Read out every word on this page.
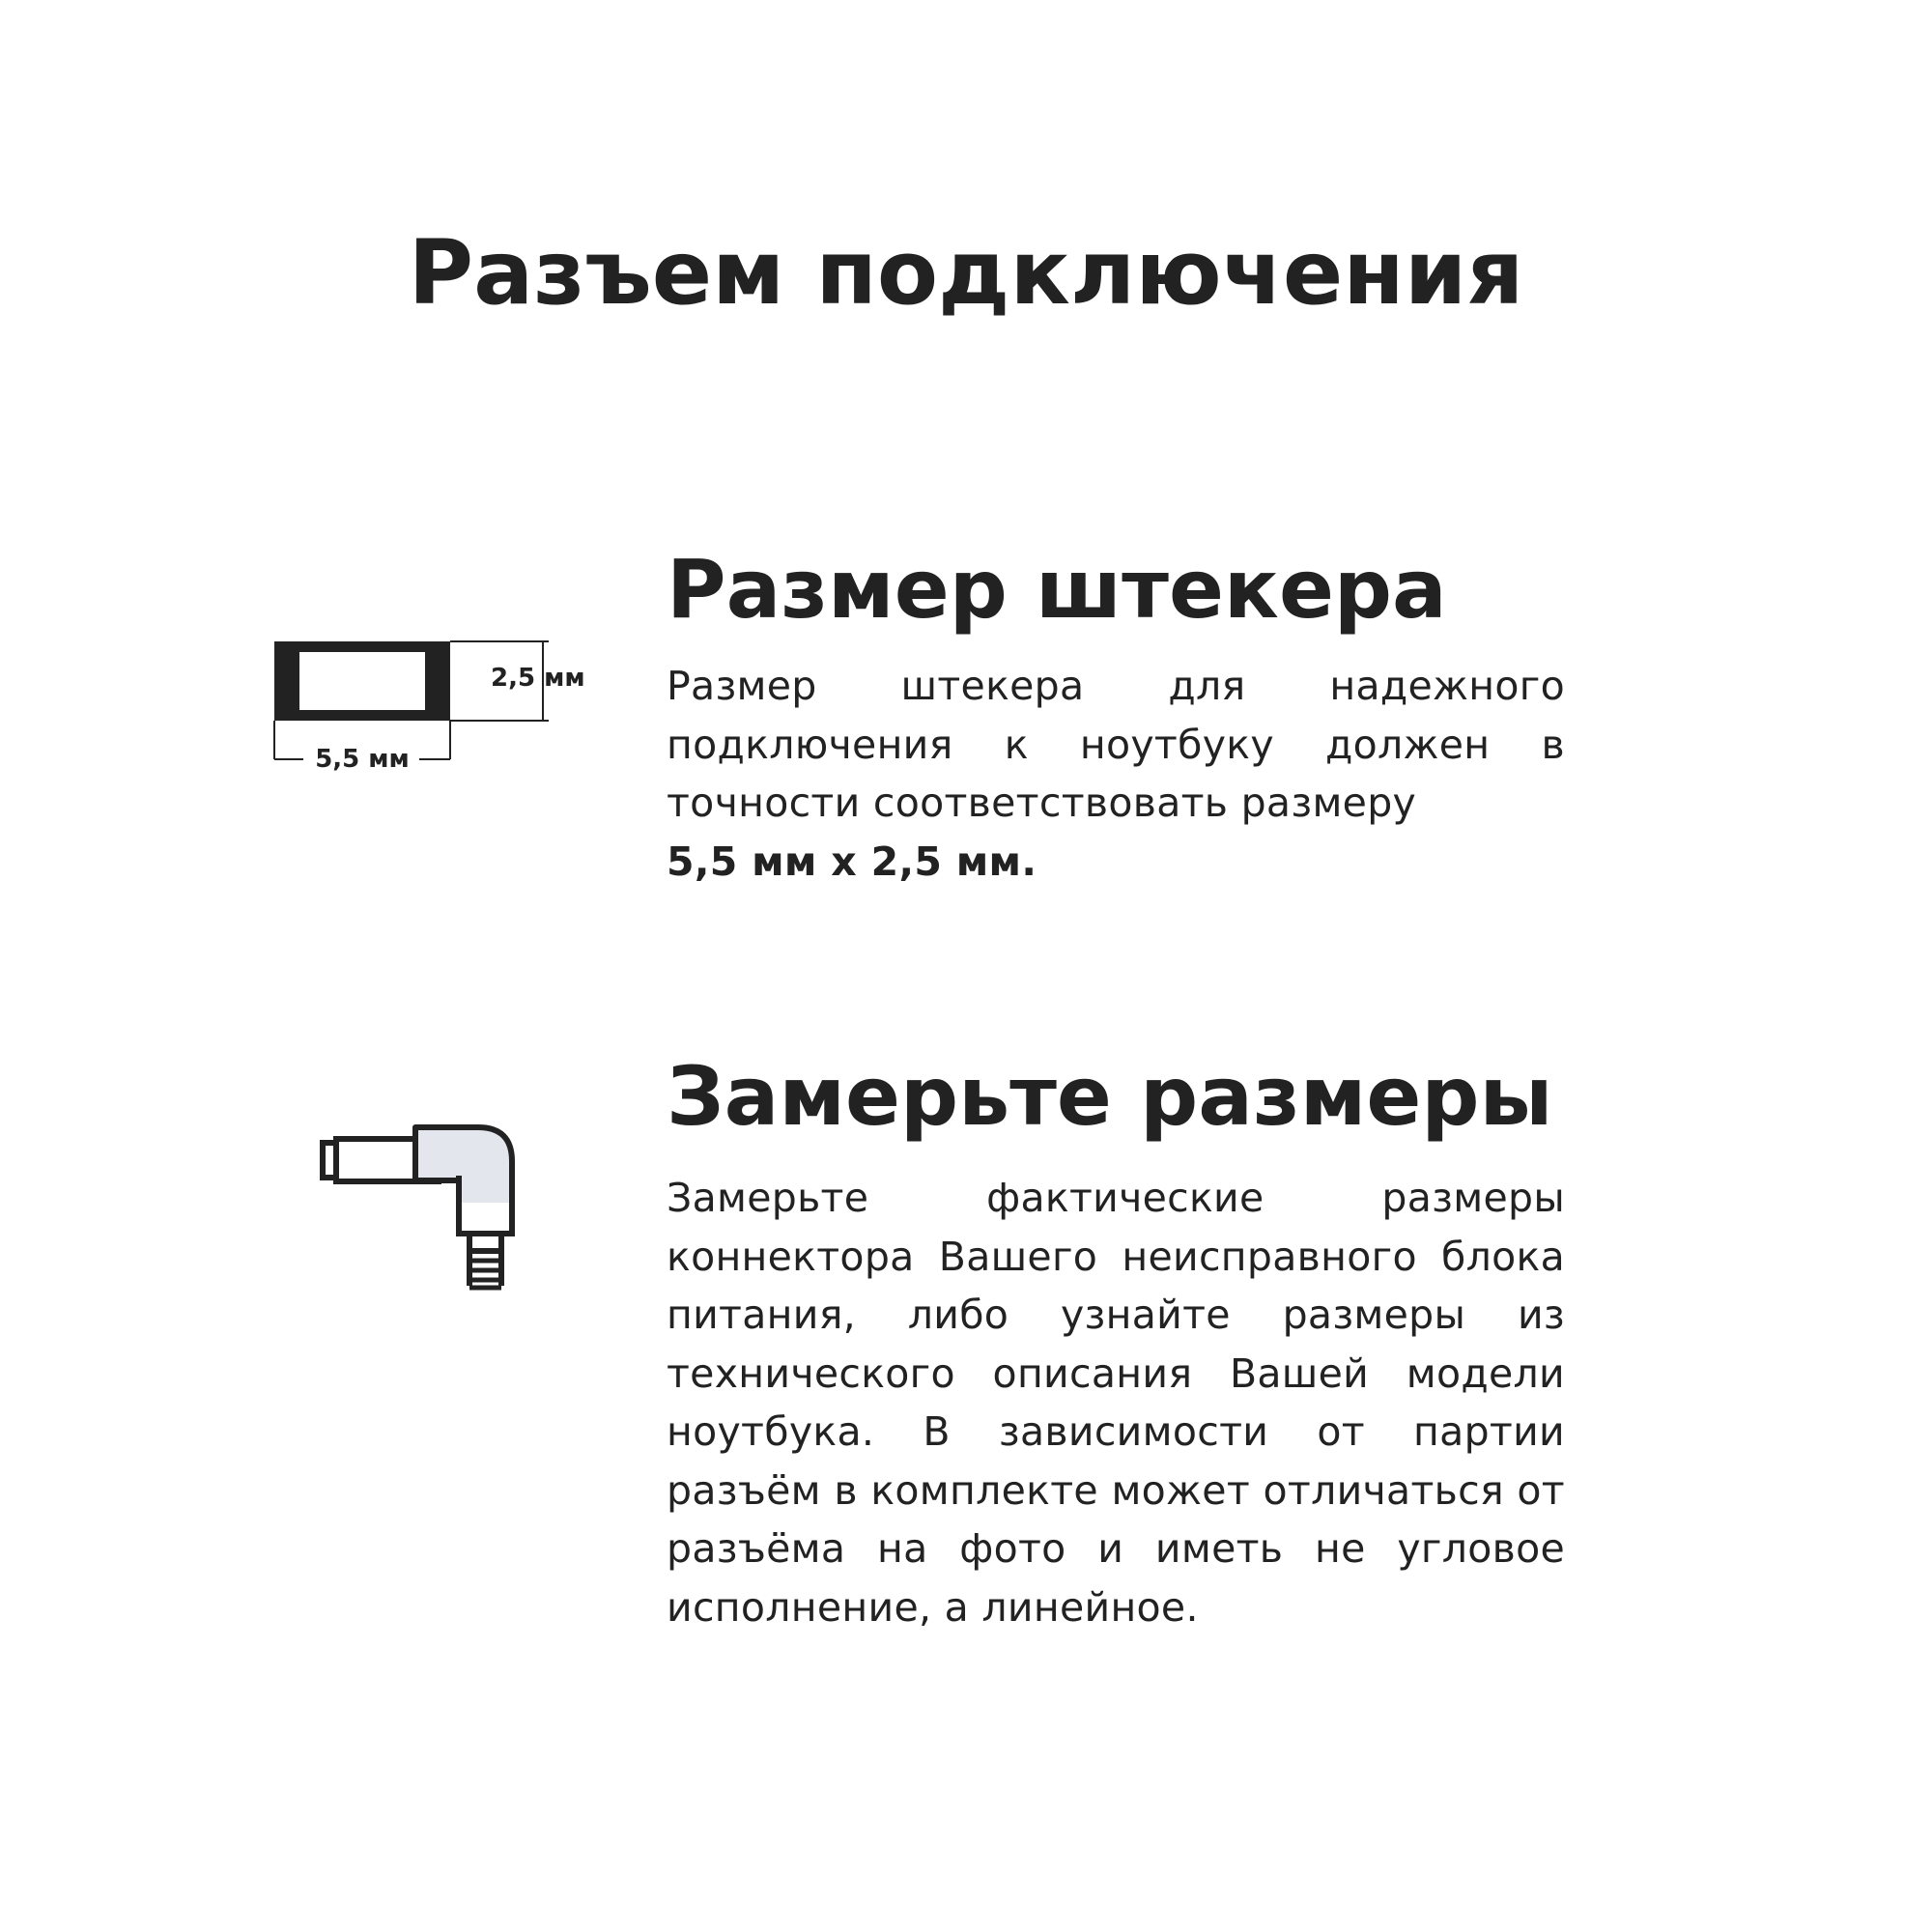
Разъем подключения
2,5 мм
5,5 мм
Размер штекера

Размер штекера для надежного подключения к ноутбуку должен в точности соответствовать размеру
5,5 мм х 2,5 мм.

Замерьте размеры

Замерьте фактические размеры коннектора Вашего неисправного блока питания, либо узнайте размеры из технического описания Вашей модели ноутбука. В зависимости от партии разъём в комплекте может отличаться от разъёма на фото и иметь не угловое исполнение, а линейное.
